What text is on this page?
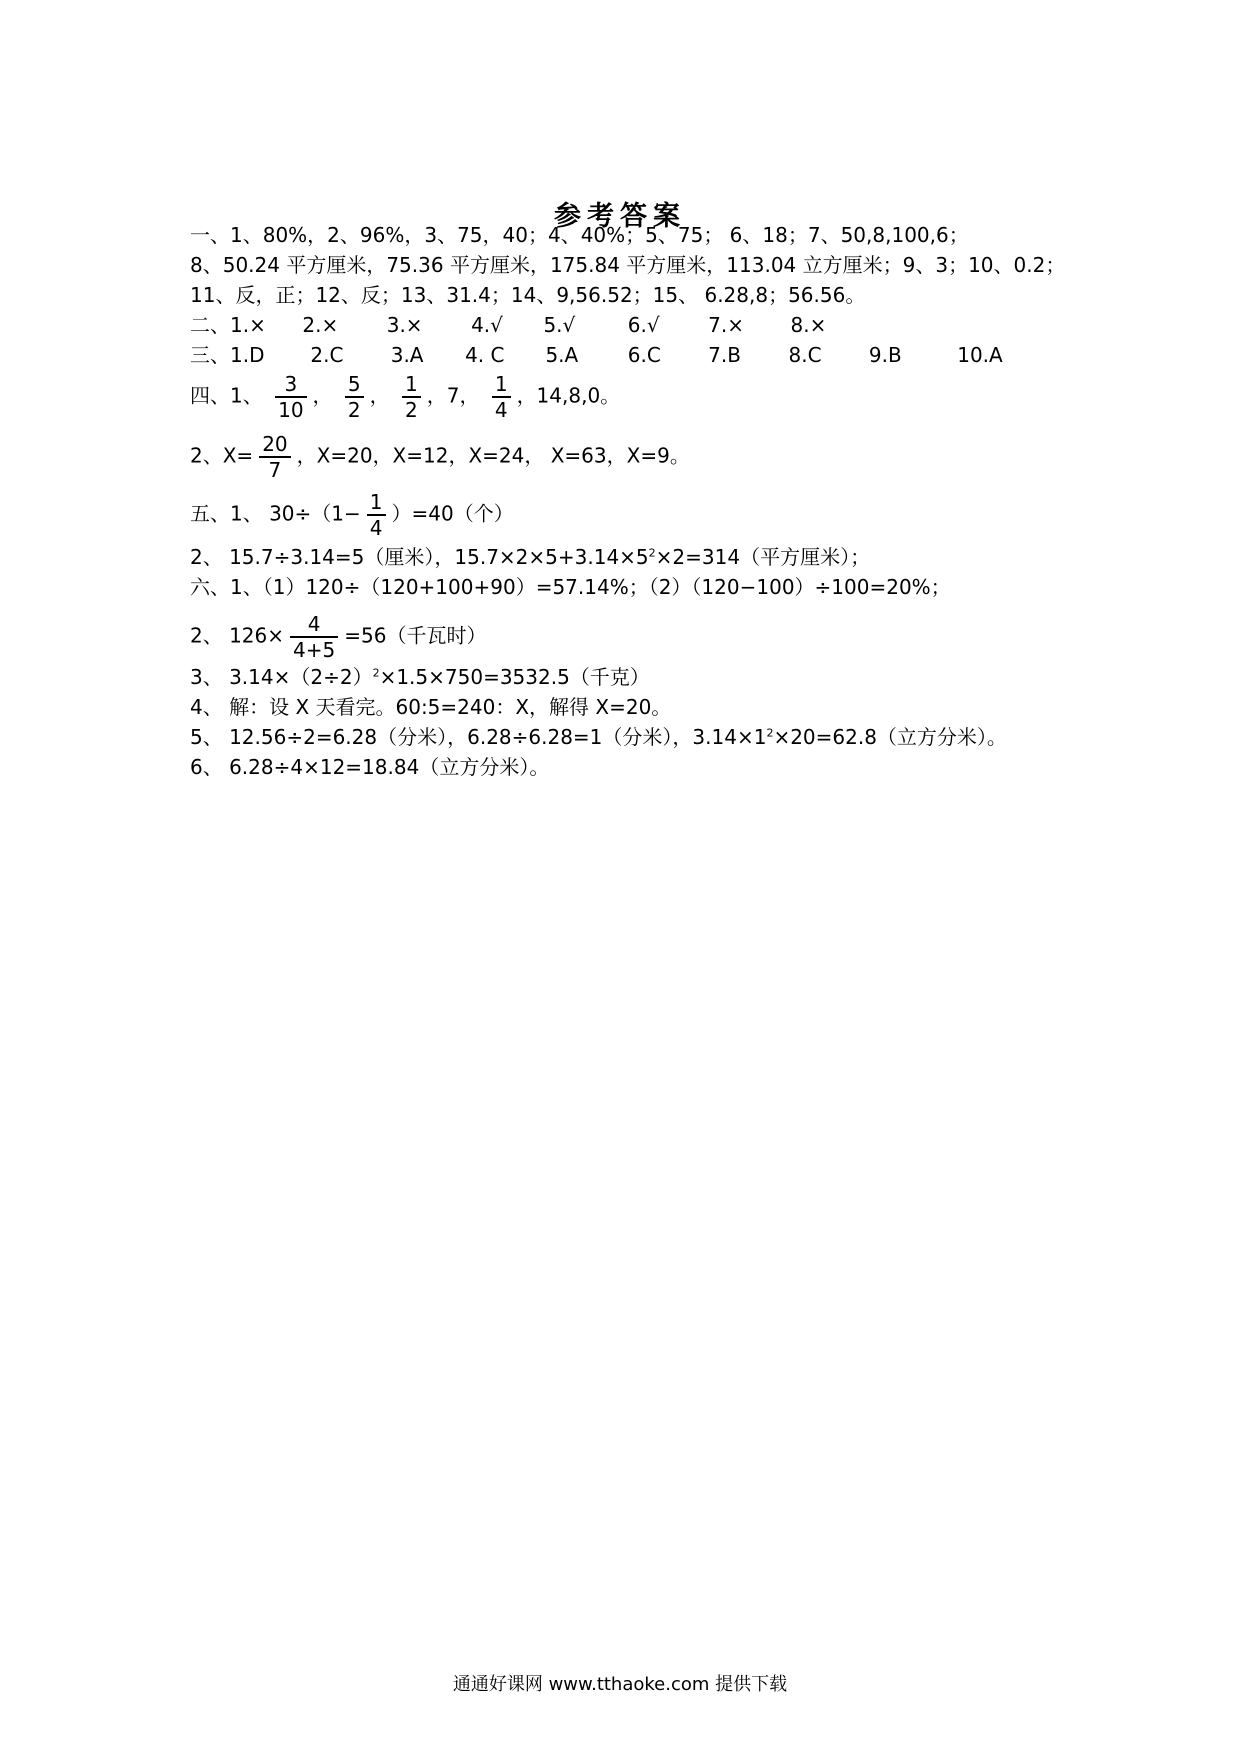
参考答案
一、1、80%，2、96%，3、75，40；4、40%；5、75； 6、18；7、50,8,100,6；
8、50.24 平方厘米，75.36 平方厘米，175.84 平方厘米，113.04 立方厘米；9、3；10、0.2；
11、反，正；12、反；13、31.4；14、9,56.52；15、 6.28,8；56.56。
二、1.× 2.× 3.× 4.√ 5.√	6.√ 7.× 8.×
三、1.D 2.C 3.A 4. C 5.A 6.C 7.B 8.C 9.B	10.A
四、1、 $\frac{3}{10}$ ， $\frac{5}{2}$ ， $\frac{1}{2}$ ，7， $\frac{1}{4}$ ，14,8,0。
2、$X= \frac{20}{7}$ ，X=20，X=12，X=24， X=63，X=9。
五、1、 $30\div(1- \frac{1}{4} )=40$（个）
2、 15.7÷3.14=5（厘米），$15.7\times 2\times 5+3.14\times 5^2\times 2=314$（平方厘米）；
六、1、（1）120÷（120+100+90）=57.14%；（2）（120−100）÷100=20%；
2、 $126\times \frac{4}{4+5} =56$（千瓦时）
3、 $3.14\times(2\div 2)^2\times 1.5\times 750=3532.5$（千克）
4、 解：设 X 天看完。60:5=240：X，解得 X=20。
5、 12.56÷2=6.28（分米），6.28÷6.28=1（分米），$3.14\times 1^2\times 20=62.8$（立方分米）。
6、 6.28÷4×12=18.84（立方分米）。
通通好课网 www.tthaoke.com 提供下载
